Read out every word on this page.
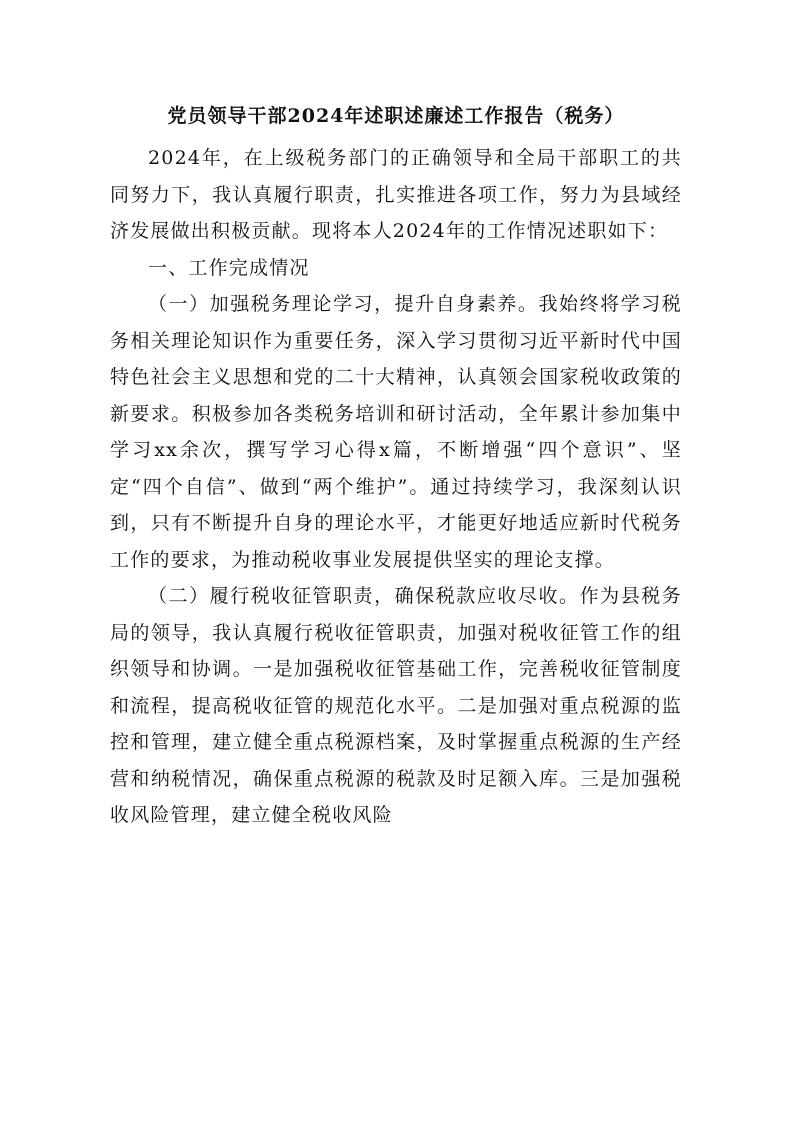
党员领导干部2024年述职述廉述工作报告（税务）

2024年，在上级税务部门的正确领导和全局干部职工的共同努力下，我认真履行职责，扎实推进各项工作，努力为县域经济发展做出积极贡献。现将本人2024年的工作情况述职如下：

一、工作完成情况

（一）加强税务理论学习，提升自身素养。我始终将学习税务相关理论知识作为重要任务，深入学习贯彻习近平新时代中国特色社会主义思想和党的二十大精神，认真领会国家税收政策的新要求。积极参加各类税务培训和研讨活动，全年累计参加集中学习xx余次，撰写学习心得x篇，不断增强“四个意识”、坚定“四个自信”、做到“两个维护”。通过持续学习，我深刻认识到，只有不断提升自身的理论水平，才能更好地适应新时代税务工作的要求，为推动税收事业发展提供坚实的理论支撑。

（二）履行税收征管职责，确保税款应收尽收。作为县税务局的领导，我认真履行税收征管职责，加强对税收征管工作的组织领导和协调。一是加强税收征管基础工作，完善税收征管制度和流程，提高税收征管的规范化水平。二是加强对重点税源的监控和管理，建立健全重点税源档案，及时掌握重点税源的生产经营和纳税情况，确保重点税源的税款及时足额入库。三是加强税收风险管理，建立健全税收风险
